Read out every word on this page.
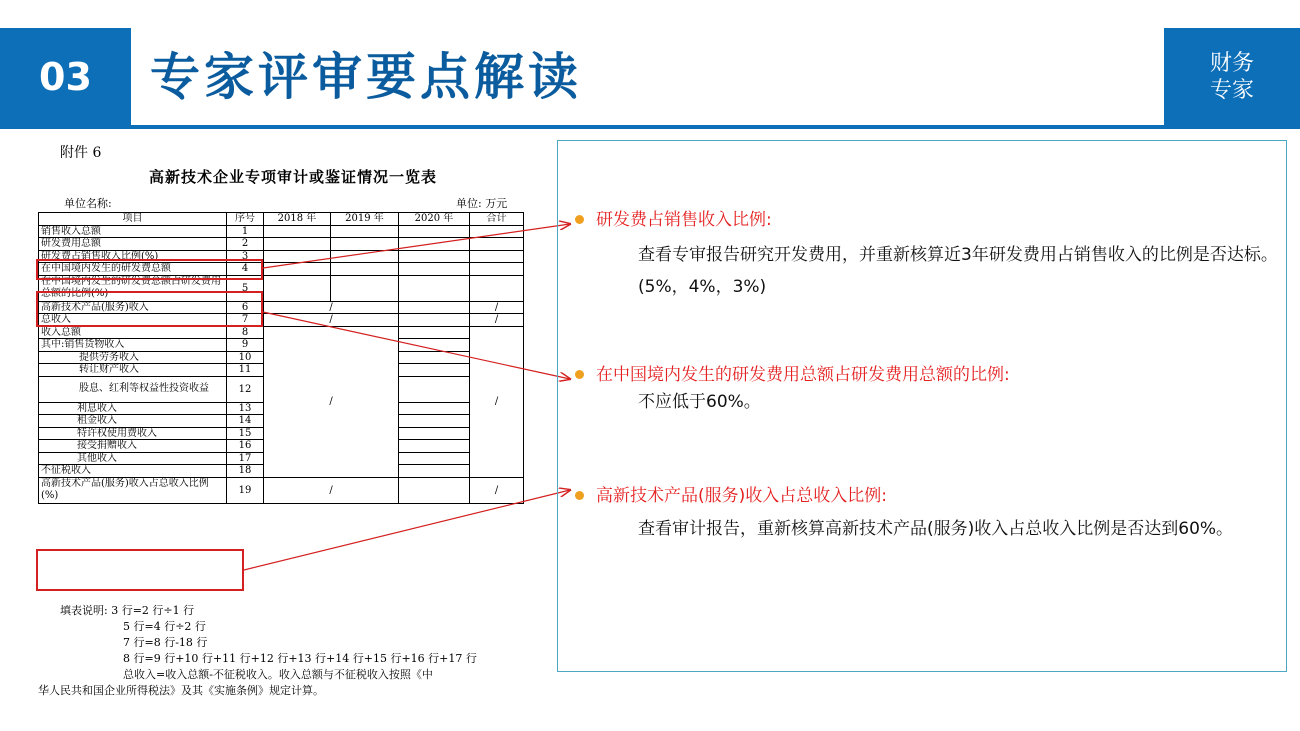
03	专家评审要点解读	财务
专家
附件 6
高新技术企业专项审计或鉴证情况一览表
单位名称:	单位: 万元
项目	序号	2018 年	2019 年	2020 年	合计
销售收入总额	1				
研发费用总额	2				
研发费占销售收入比例(%)	3				
在中国境内发生的研发费总额	4				
在中国境内发生的研发费总额占研发费用总额的比例(%)	5				
高新技术产品(服务)收入	6	/			/
总收入	7	/			/
收入总额	8	/			/
其中:销售货物收入	9				
提供劳务收入	10				
转让财产收入	11				
股息、红利等权益性投资收益	12				
利息收入	13				
租金收入	14				
特许权使用费收入	15				
接受捐赠收入	16				
其他收入	17				
不征税收入	18				
高新技术产品(服务)收入占总收入比例(%)	19	/			/
填表说明: 3 行=2 行÷1 行
5 行=4 行÷2 行
7 行=8 行-18 行
8 行=9 行+10 行+11 行+12 行+13 行+14 行+15 行+16 行+17 行
总收入=收入总额-不征税收入。收入总额与不征税收入按照《中
华人民共和国企业所得税法》及其《实施条例》规定计算。
研发费占销售收入比例:
查看专审报告研究开发费用，并重新核算近3年研发费用占销售收入的比例是否达标。(5%，4%，3%)
在中国境内发生的研发费用总额占研发费用总额的比例:
不应低于60%。
高新技术产品(服务)收入占总收入比例:
查看审计报告，重新核算高新技术产品(服务)收入占总收入比例是否达到60%。
